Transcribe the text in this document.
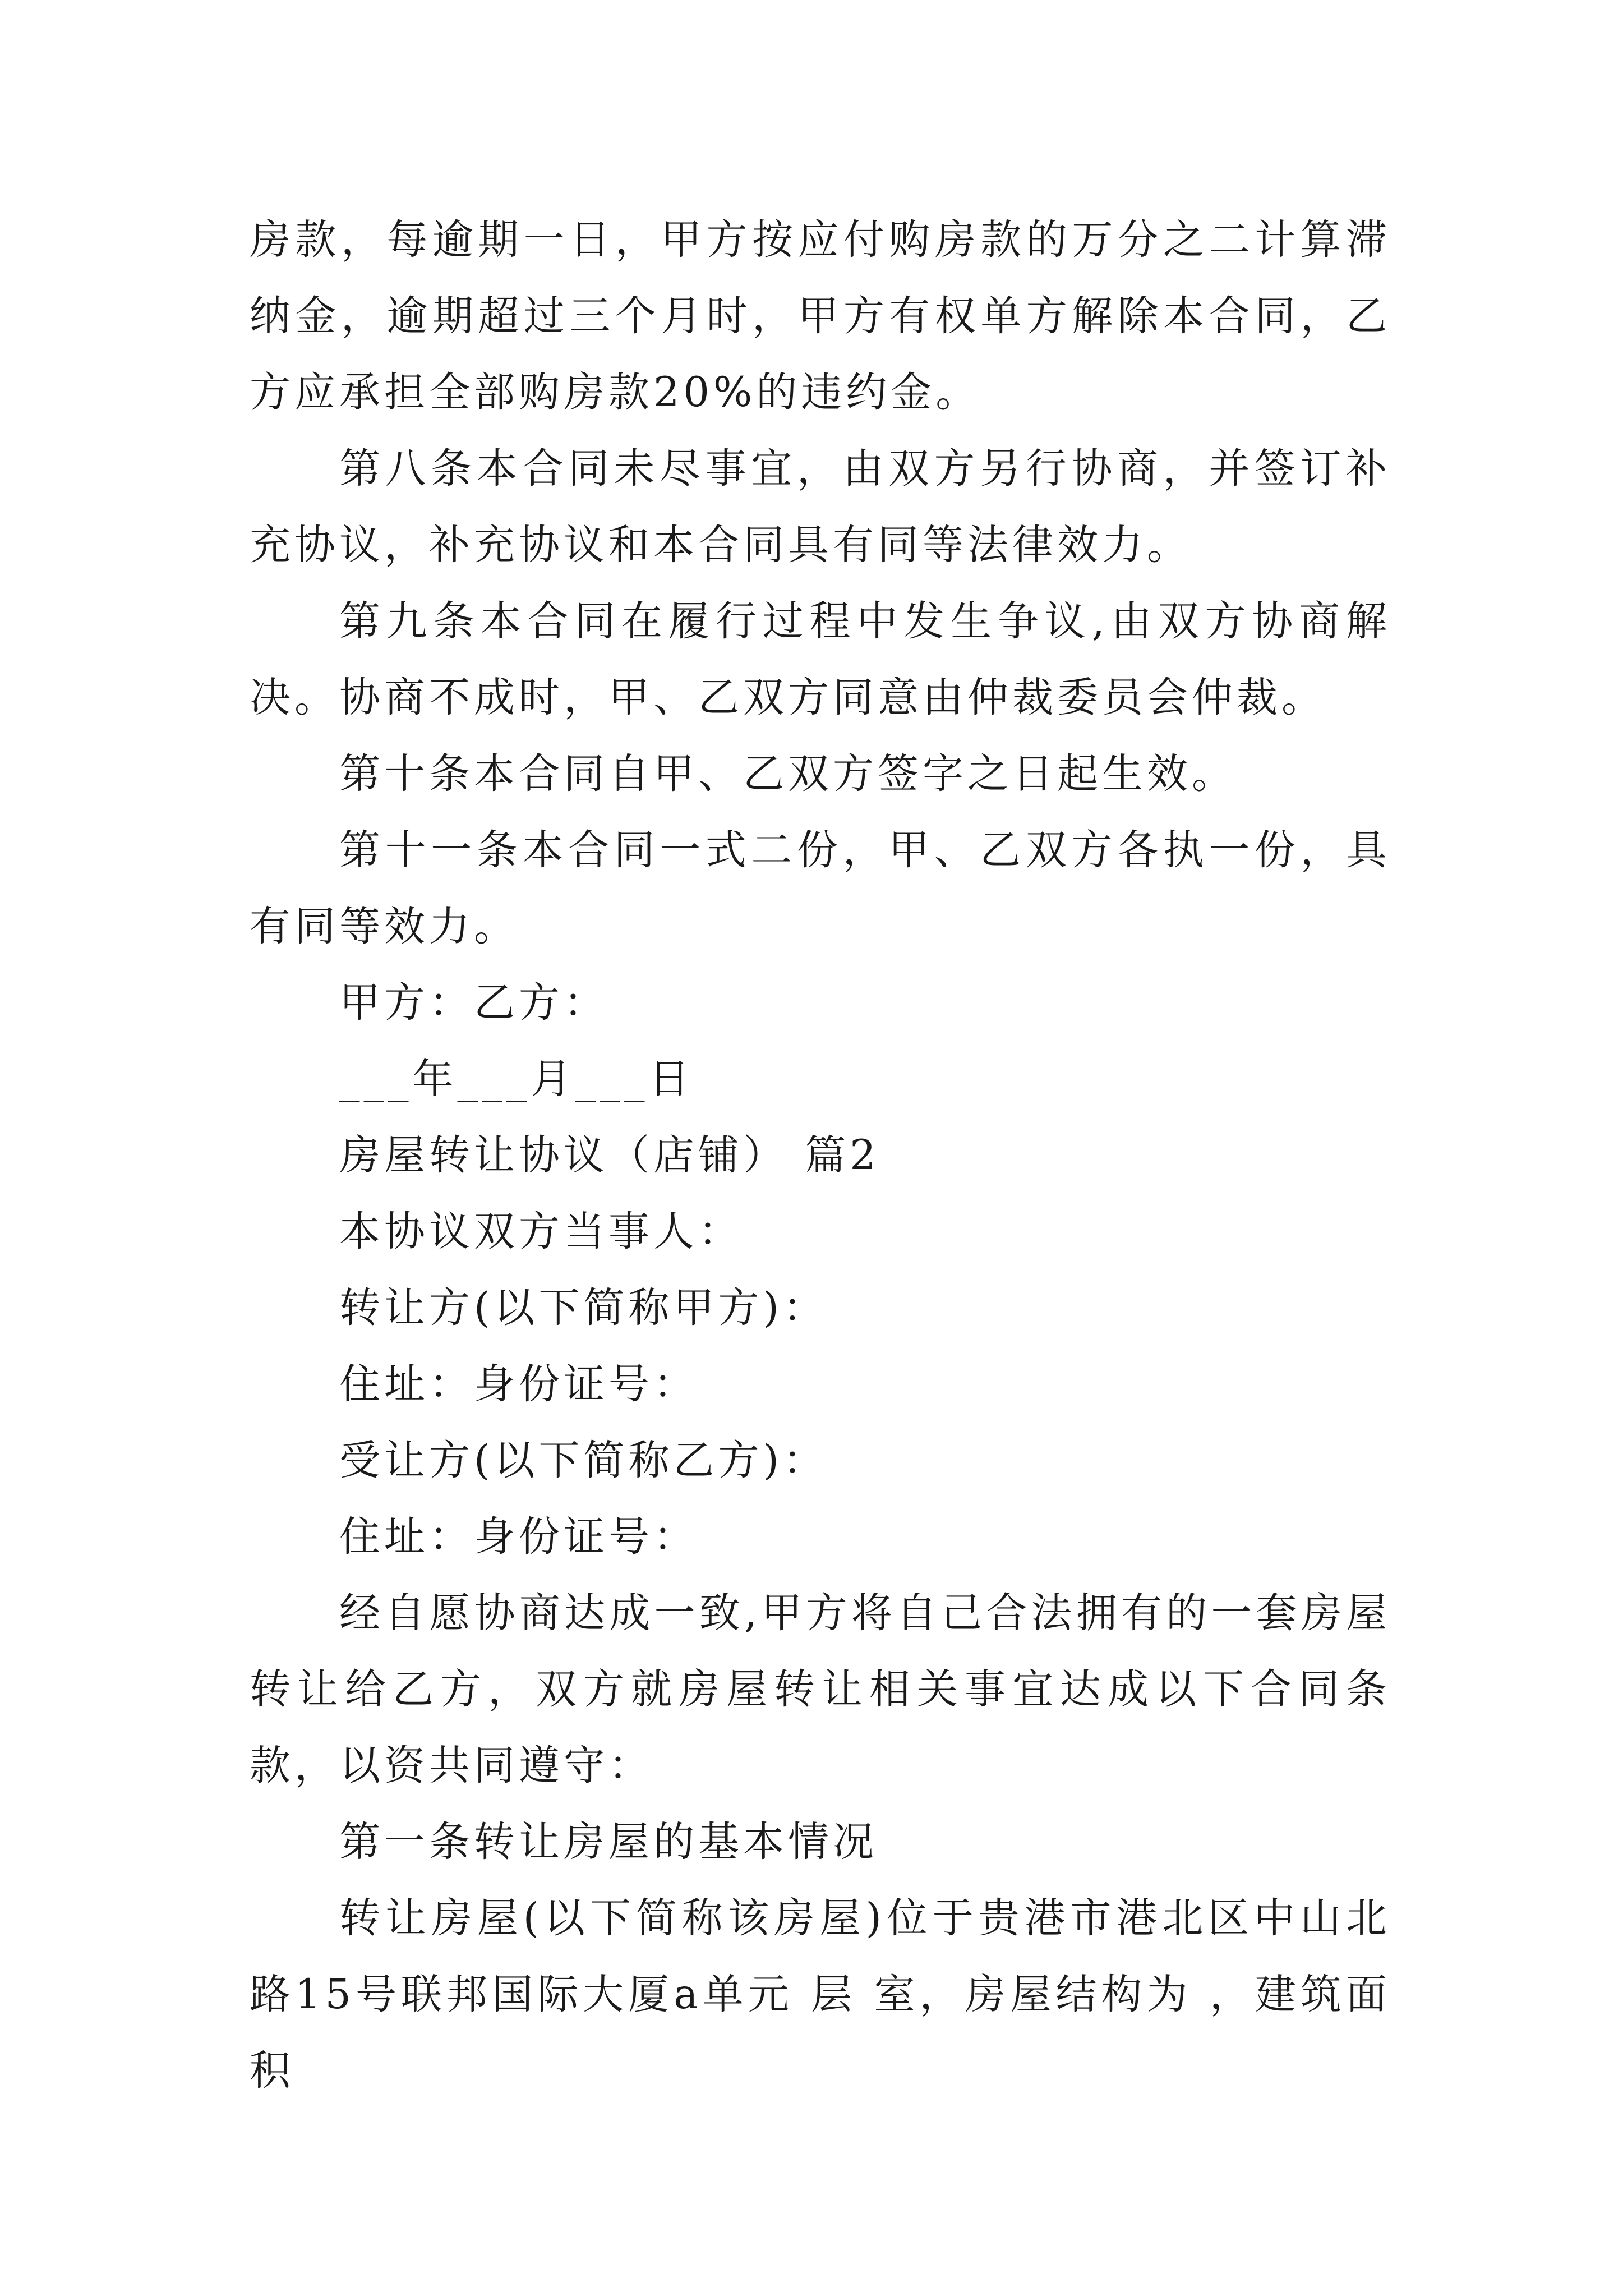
房款，每逾期一日，甲方按应付购房款的万分之二计算滞纳金，逾期超过三个月时，甲方有权单方解除本合同，乙方应承担全部购房款20%的违约金。

第八条本合同未尽事宜，由双方另行协商，并签订补充协议，补充协议和本合同具有同等法律效力。

第九条本合同在履行过程中发生争议,由双方协商解决。协商不成时，甲、乙双方同意由仲裁委员会仲裁。

第十条本合同自甲、乙双方签字之日起生效。

第十一条本合同一式二份，甲、乙双方各执一份，具有同等效力。

甲方：乙方：

___年___月___日

房屋转让协议（店铺） 篇2

本协议双方当事人：

转让方(以下简称甲方)：

住址：身份证号：

受让方(以下简称乙方)：

住址：身份证号：

经自愿协商达成一致,甲方将自己合法拥有的一套房屋转让给乙方，双方就房屋转让相关事宜达成以下合同条款，以资共同遵守：

第一条转让房屋的基本情况

转让房屋(以下简称该房屋)位于贵港市港北区中山北路15号联邦国际大厦a单元 层 室，房屋结构为 ，建筑面积
